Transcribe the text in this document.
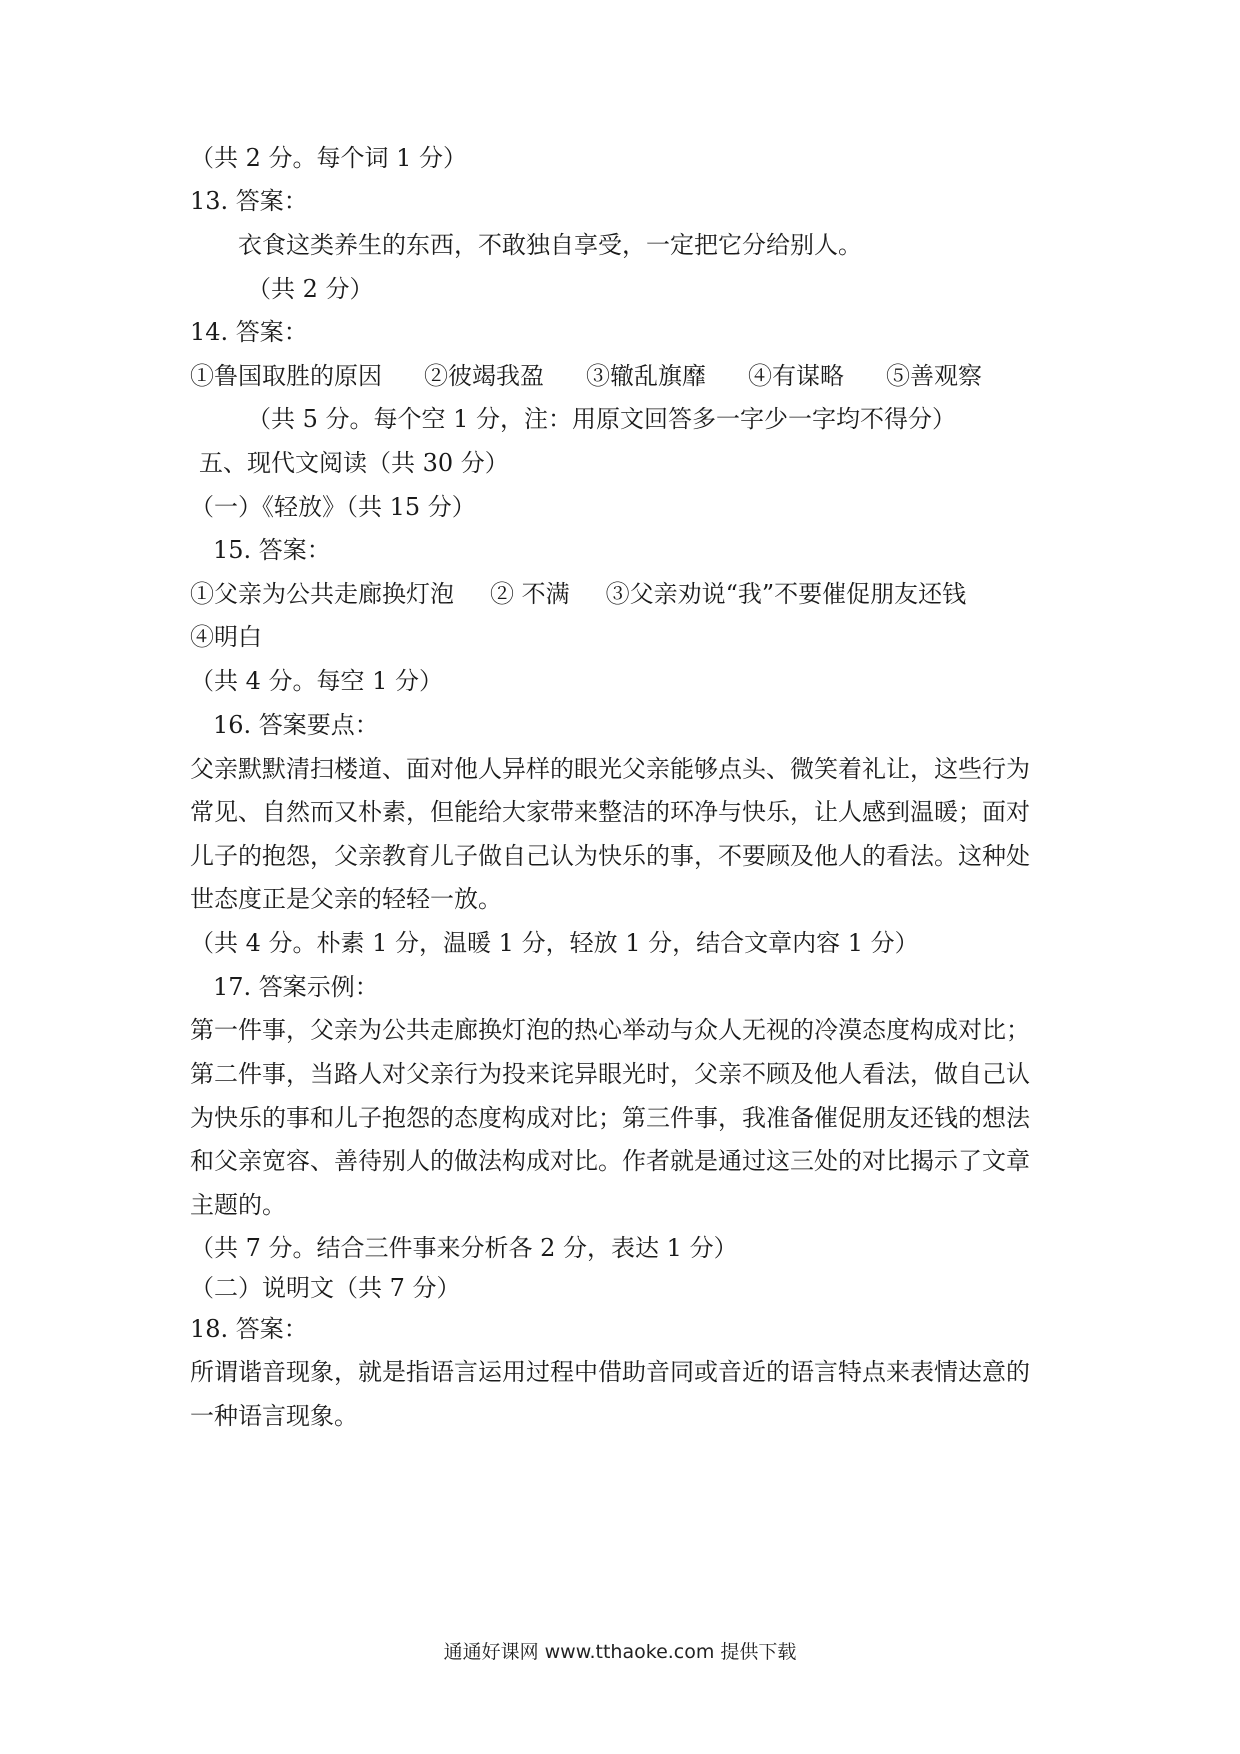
（共 2 分。每个词 1 分）
13. 答案：
衣食这类养生的东西，不敢独自享受，一定把它分给别人。
（共 2 分）
14. 答案：
①鲁国取胜的原因 ②彼竭我盈 ③辙乱旗靡 ④有谋略 ⑤善观察
（共 5 分。每个空 1 分，注：用原文回答多一字少一字均不得分）
五、现代文阅读（共 30 分）
（一）《轻放》（共 15 分）
15. 答案：
①父亲为公共走廊换灯泡 ② 不满 ③父亲劝说“我”不要催促朋友还钱
④明白
（共 4 分。每空 1 分）
16. 答案要点：
父亲默默清扫楼道、面对他人异样的眼光父亲能够点头、微笑着礼让，这些行为
常见、自然而又朴素，但能给大家带来整洁的环净与快乐，让人感到温暖；面对
儿子的抱怨，父亲教育儿子做自己认为快乐的事，不要顾及他人的看法。这种处
世态度正是父亲的轻轻一放。
（共 4 分。朴素 1 分，温暖 1 分，轻放 1 分，结合文章内容 1 分）
17. 答案示例：
第一件事，父亲为公共走廊换灯泡的热心举动与众人无视的冷漠态度构成对比；
第二件事，当路人对父亲行为投来诧异眼光时，父亲不顾及他人看法，做自己认
为快乐的事和儿子抱怨的态度构成对比；第三件事，我准备催促朋友还钱的想法
和父亲宽容、善待别人的做法构成对比。作者就是通过这三处的对比揭示了文章
主题的。
（共 7 分。结合三件事来分析各 2 分，表达 1 分）
（二）说明文（共 7 分）
18. 答案：
所谓谐音现象，就是指语言运用过程中借助音同或音近的语言特点来表情达意的
一种语言现象。
通通好课网 www.tthaoke.com 提供下载
